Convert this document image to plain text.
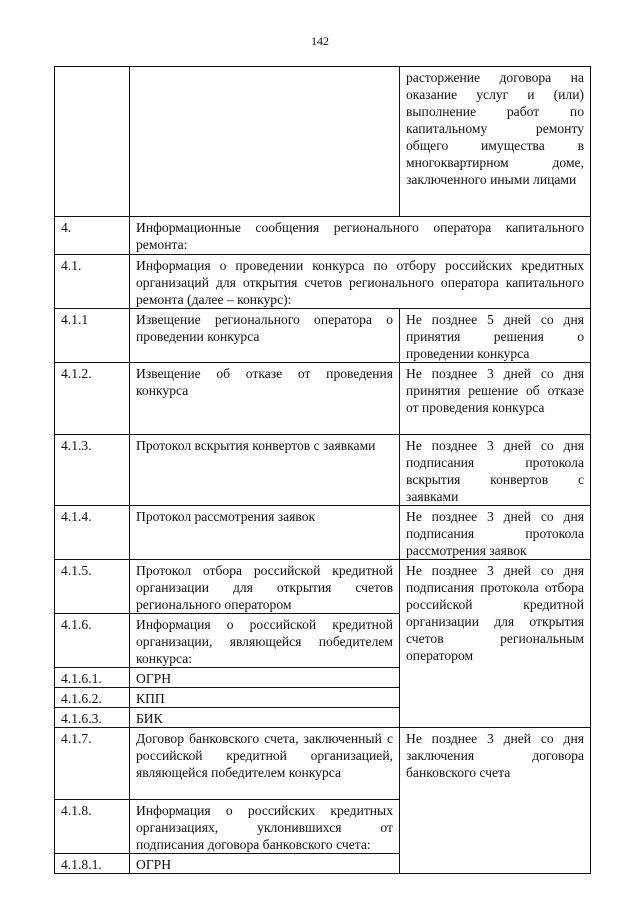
142
		расторжение договора на оказание услуг и (или) выполнение работ по капитальному ремонту общего имущества в многоквартирном доме, заключенного иными лицами
4.	Информационные сообщения регионального оператора капитального ремонта:	
4.1.	Информация о проведении конкурса по отбору российских кредитных организаций для открытия счетов регионального оператора капитального ремонта (далее – конкурс):	
4.1.1	Извещение регионального оператора о проведении конкурса	Не позднее 5 дней со дня принятия решения о проведении конкурса
4.1.2.	Извещение об отказе от проведения конкурса	Не позднее 3 дней со дня принятия решение об отказе от проведения конкурса
4.1.3.	Протокол вскрытия конвертов с заявками	Не позднее 3 дней со дня подписания протокола вскрытия конвертов с заявками
4.1.4.	Протокол рассмотрения заявок	Не позднее 3 дней со дня подписания протокола рассмотрения заявок
4.1.5.	Протокол отбора российской кредитной организации для открытия счетов регионального оператором	Не позднее 3 дней со дня подписания протокола отбора российской кредитной организации для открытия счетов региональным оператором
4.1.6.	Информация о российской кредитной организации, являющейся победителем конкурса:	
4.1.6.1.	ОГРН	
4.1.6.2.	КПП	
4.1.6.3.	БИК	
4.1.7.	Договор банковского счета, заключенный с российской кредитной организацией, являющейся победителем конкурса	Не позднее 3 дней со дня заключения договора банковского счета
4.1.8.	Информация о российских кредитных организациях, уклонившихся от подписания договора банковского счета:	
4.1.8.1.	ОГРН	
